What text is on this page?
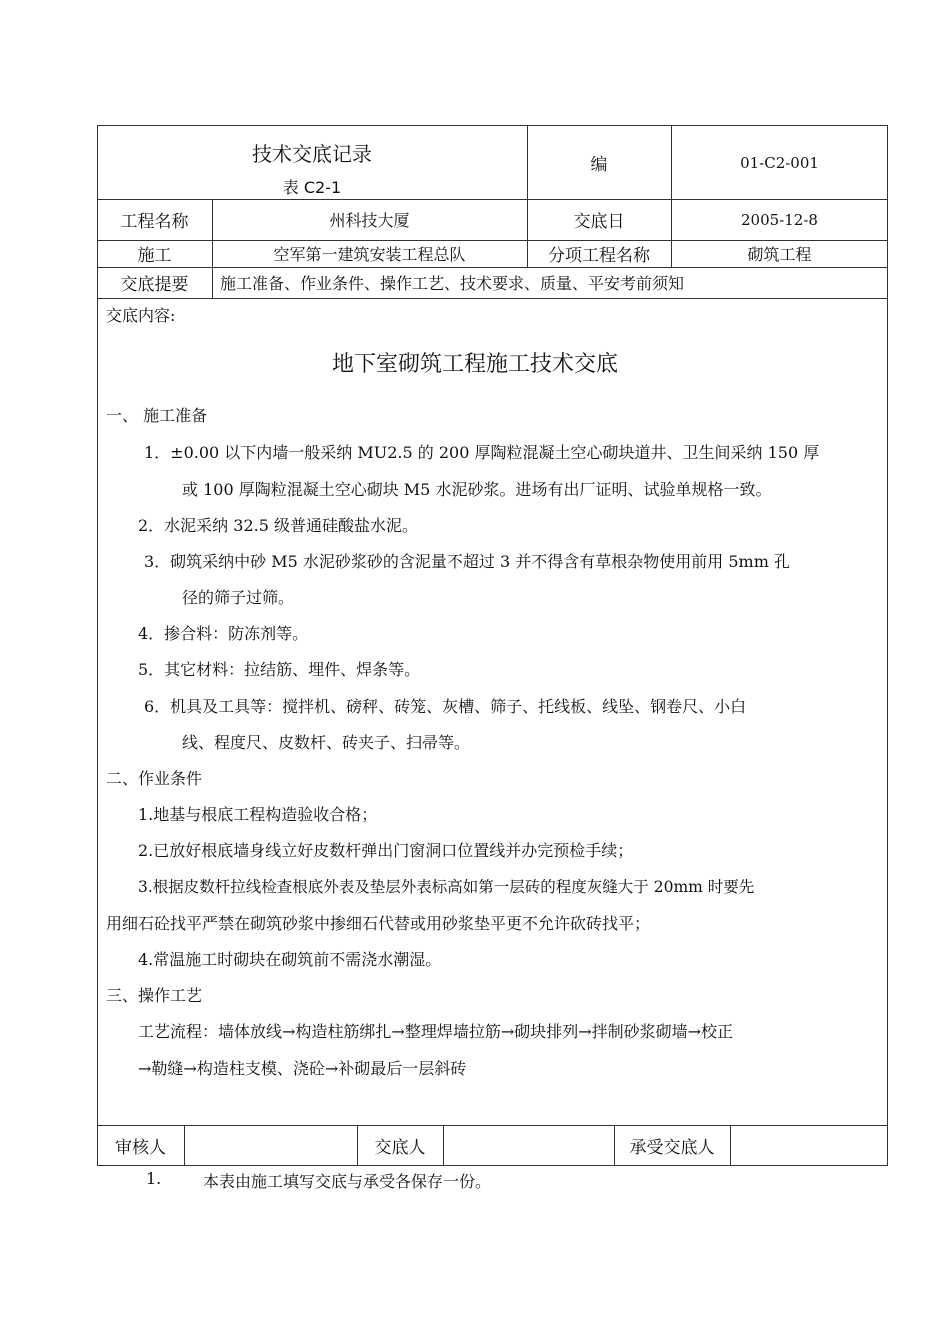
技术交底记录
表 C2-1
编	01-C2-001
工程名称	州科技大厦	交底日	2005-12-8
施工	空军第一建筑安装工程总队	分项工程名称	砌筑工程
交底提要	施工准备、作业条件、操作工艺、技术要求、质量、平安考前须知
交底内容:
地下室砌筑工程施工技术交底
一、 施工准备
1．±0.00 以下内墙一般采纳 MU2.5 的 200 厚陶粒混凝土空心砌块道井、卫生间采纳 150 厚
或 100 厚陶粒混凝土空心砌块 M5 水泥砂浆。进场有出厂证明、试验单规格一致。
2．水泥采纳 32.5 级普通硅酸盐水泥。
3．砌筑采纳中砂 M5 水泥砂浆砂的含泥量不超过 3 并不得含有草根杂物使用前用 5mm 孔
径的筛子过筛。
4．掺合料：防冻剂等。
5．其它材料：拉结筋、埋件、焊条等。
6．机具及工具等：搅拌机、磅秤、砖笼、灰槽、筛子、托线板、线坠、钢卷尺、小白
线、程度尺、皮数杆、砖夹子、扫帚等。
二、作业条件
1.地基与根底工程构造验收合格；
2.已放好根底墙身线立好皮数杆弹出门窗洞口位置线并办完预检手续；
3.根据皮数杆拉线检查根底外表及垫层外表标高如第一层砖的程度灰缝大于 20mm 时要先
用细石砼找平严禁在砌筑砂浆中掺细石代替或用砂浆垫平更不允许砍砖找平；
4.常温施工时砌块在砌筑前不需浇水潮湿。
三、操作工艺
工艺流程：墙体放线→构造柱筋绑扎→整理焊墙拉筋→砌块排列→拌制砂浆砌墙→校正
→勒缝→构造柱支模、浇砼→补砌最后一层斜砖
审核人	交底人	承受交底人
1.	本表由施工填写交底与承受各保存一份。
